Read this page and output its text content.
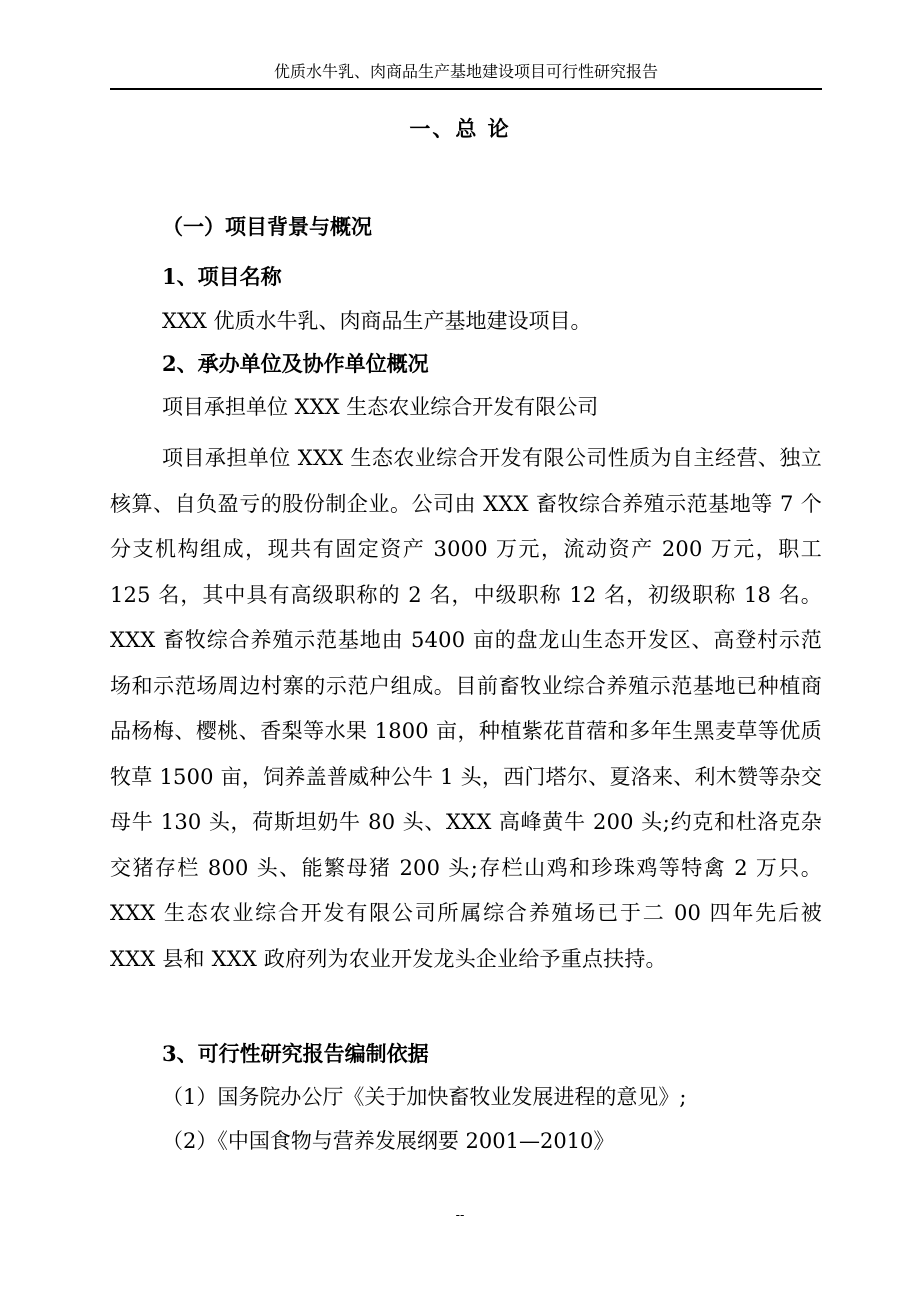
优质水牛乳、肉商品生产基地建设项目可行性研究报告
一、总 论
（一）项目背景与概况
1、项目名称
XXX 优质水牛乳、肉商品生产基地建设项目。
2、承办单位及协作单位概况
项目承担单位 XXX 生态农业综合开发有限公司
项目承担单位 XXX 生态农业综合开发有限公司性质为自主经营、独立核算、自负盈亏的股份制企业。公司由 XXX 畜牧综合养殖示范基地等 7 个分支机构组成，现共有固定资产 3000 万元，流动资产 200 万元，职工 125 名，其中具有高级职称的 2 名，中级职称 12 名，初级职称 18 名。XXX 畜牧综合养殖示范基地由 5400 亩的盘龙山生态开发区、高登村示范场和示范场周边村寨的示范户组成。目前畜牧业综合养殖示范基地已种植商品杨梅、樱桃、香梨等水果 1800 亩，种植紫花苜蓿和多年生黑麦草等优质牧草 1500 亩，饲养盖普威种公牛 1 头，西门塔尔、夏洛来、利木赞等杂交母牛 130 头，荷斯坦奶牛 80 头、XXX 高峰黄牛 200 头;约克和杜洛克杂交猪存栏 800 头、能繁母猪 200 头;存栏山鸡和珍珠鸡等特禽 2 万只。XXX 生态农业综合开发有限公司所属综合养殖场已于二 00 四年先后被 XXX 县和 XXX 政府列为农业开发龙头企业给予重点扶持。
3、可行性研究报告编制依据
（1）国务院办公厅《关于加快畜牧业发展进程的意见》;
（2）《中国食物与营养发展纲要 2001—2010》
--
